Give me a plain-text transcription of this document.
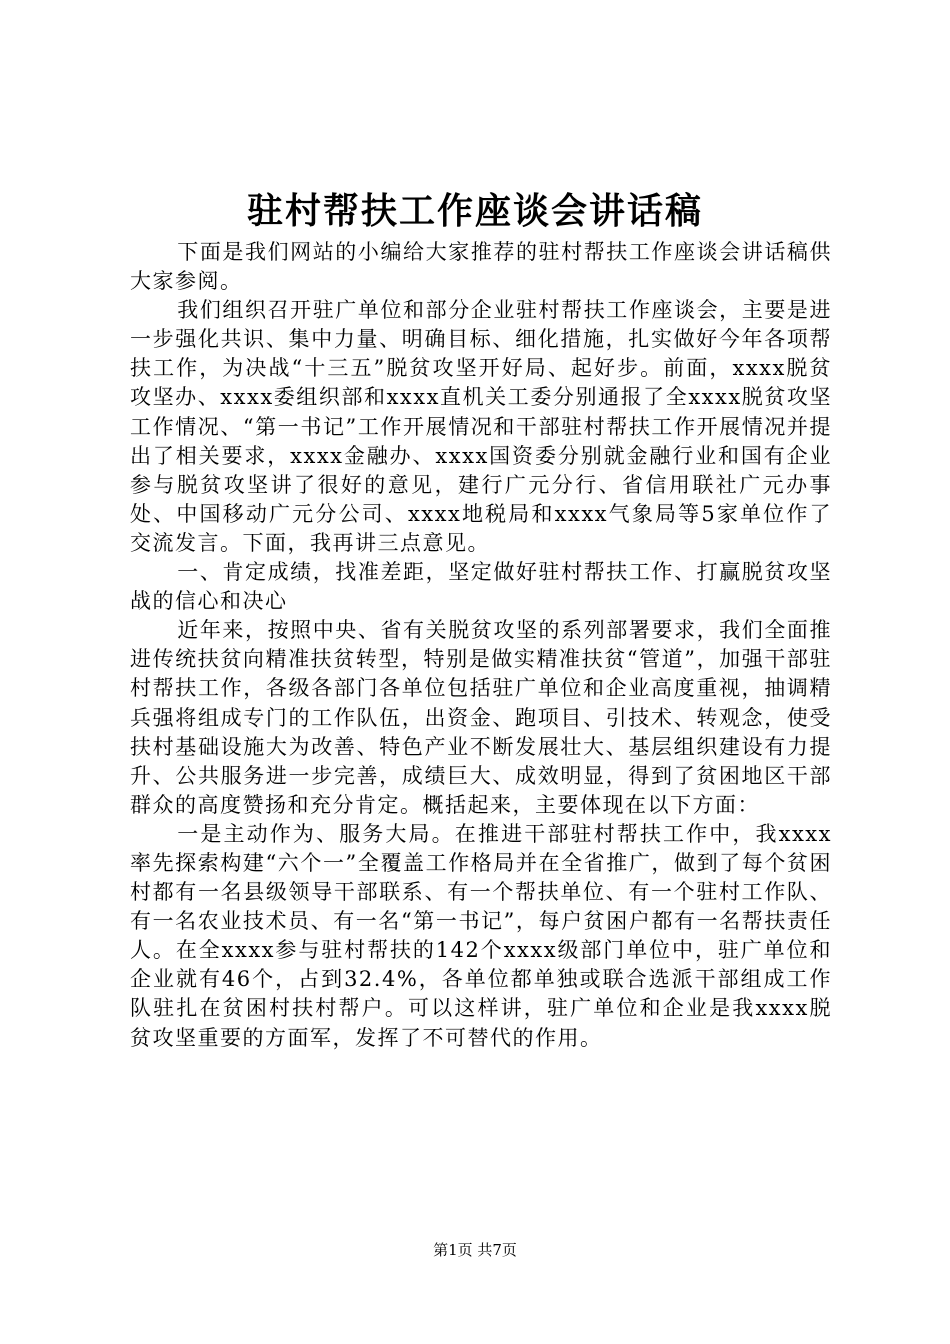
驻村帮扶工作座谈会讲话稿

下面是我们网站的小编给大家推荐的驻村帮扶工作座谈会讲话稿供大家参阅。

我们组织召开驻广单位和部分企业驻村帮扶工作座谈会，主要是进一步强化共识、集中力量、明确目标、细化措施，扎实做好今年各项帮扶工作，为决战“十三五”脱贫攻坚开好局、起好步。前面，xxxx脱贫攻坚办、xxxx委组织部和xxxx直机关工委分别通报了全xxxx脱贫攻坚工作情况、“第一书记”工作开展情况和干部驻村帮扶工作开展情况并提出了相关要求，xxxx金融办、xxxx国资委分别就金融行业和国有企业参与脱贫攻坚讲了很好的意见，建行广元分行、省信用联社广元办事处、中国移动广元分公司、xxxx地税局和xxxx气象局等5家单位作了交流发言。下面，我再讲三点意见。

一、肯定成绩，找准差距，坚定做好驻村帮扶工作、打赢脱贫攻坚战的信心和决心

近年来，按照中央、省有关脱贫攻坚的系列部署要求，我们全面推进传统扶贫向精准扶贫转型，特别是做实精准扶贫“管道”，加强干部驻村帮扶工作，各级各部门各单位包括驻广单位和企业高度重视，抽调精兵强将组成专门的工作队伍，出资金、跑项目、引技术、转观念，使受扶村基础设施大为改善、特色产业不断发展壮大、基层组织建设有力提升、公共服务进一步完善，成绩巨大、成效明显，得到了贫困地区干部群众的高度赞扬和充分肯定。概括起来，主要体现在以下方面：

一是主动作为、服务大局。在推进干部驻村帮扶工作中，我xxxx率先探索构建“六个一”全覆盖工作格局并在全省推广，做到了每个贫困村都有一名县级领导干部联系、有一个帮扶单位、有一个驻村工作队、有一名农业技术员、有一名“第一书记”，每户贫困户都有一名帮扶责任人。在全xxxx参与驻村帮扶的142个xxxx级部门单位中，驻广单位和企业就有46个，占到32.4%，各单位都单独或联合选派干部组成工作队驻扎在贫困村扶村帮户。可以这样讲，驻广单位和企业是我xxxx脱贫攻坚重要的方面军，发挥了不可替代的作用。

第1页 共7页
